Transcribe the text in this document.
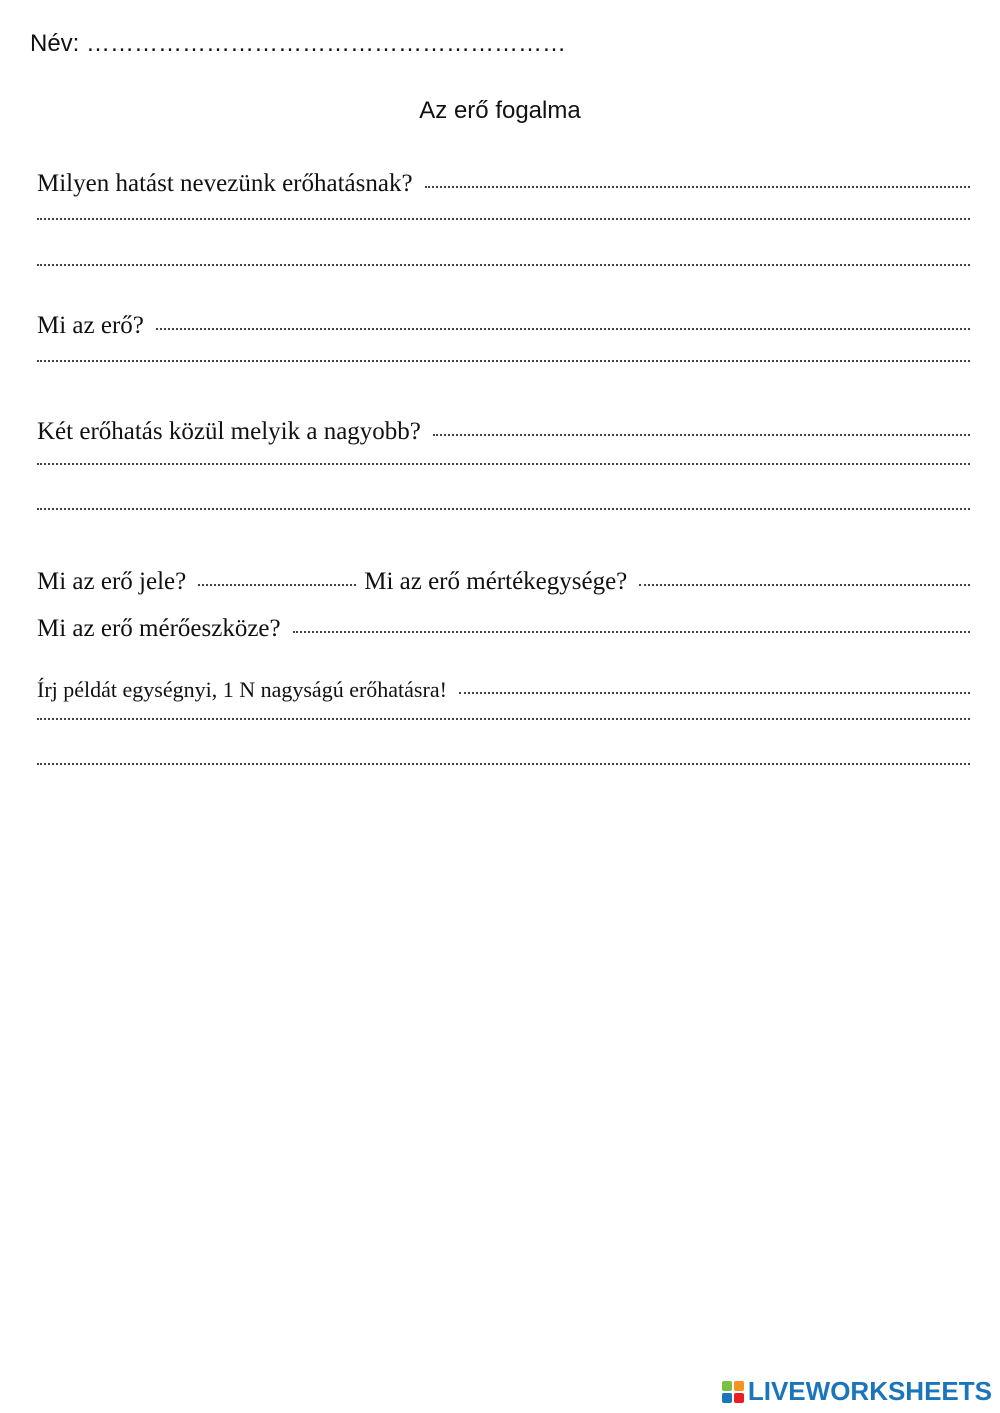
Név: ……………………………………………………
Az erő fogalma
Milyen hatást nevezünk erőhatásnak?
Mi az erő?
Két erőhatás közül melyik a nagyobb?
Mi az erő jele?	Mi az erő mértékegysége?
Mi az erő mérőeszköze?
Írj példát egységnyi, 1 N nagyságú erőhatásra!
LIVEWORKSHEETS
